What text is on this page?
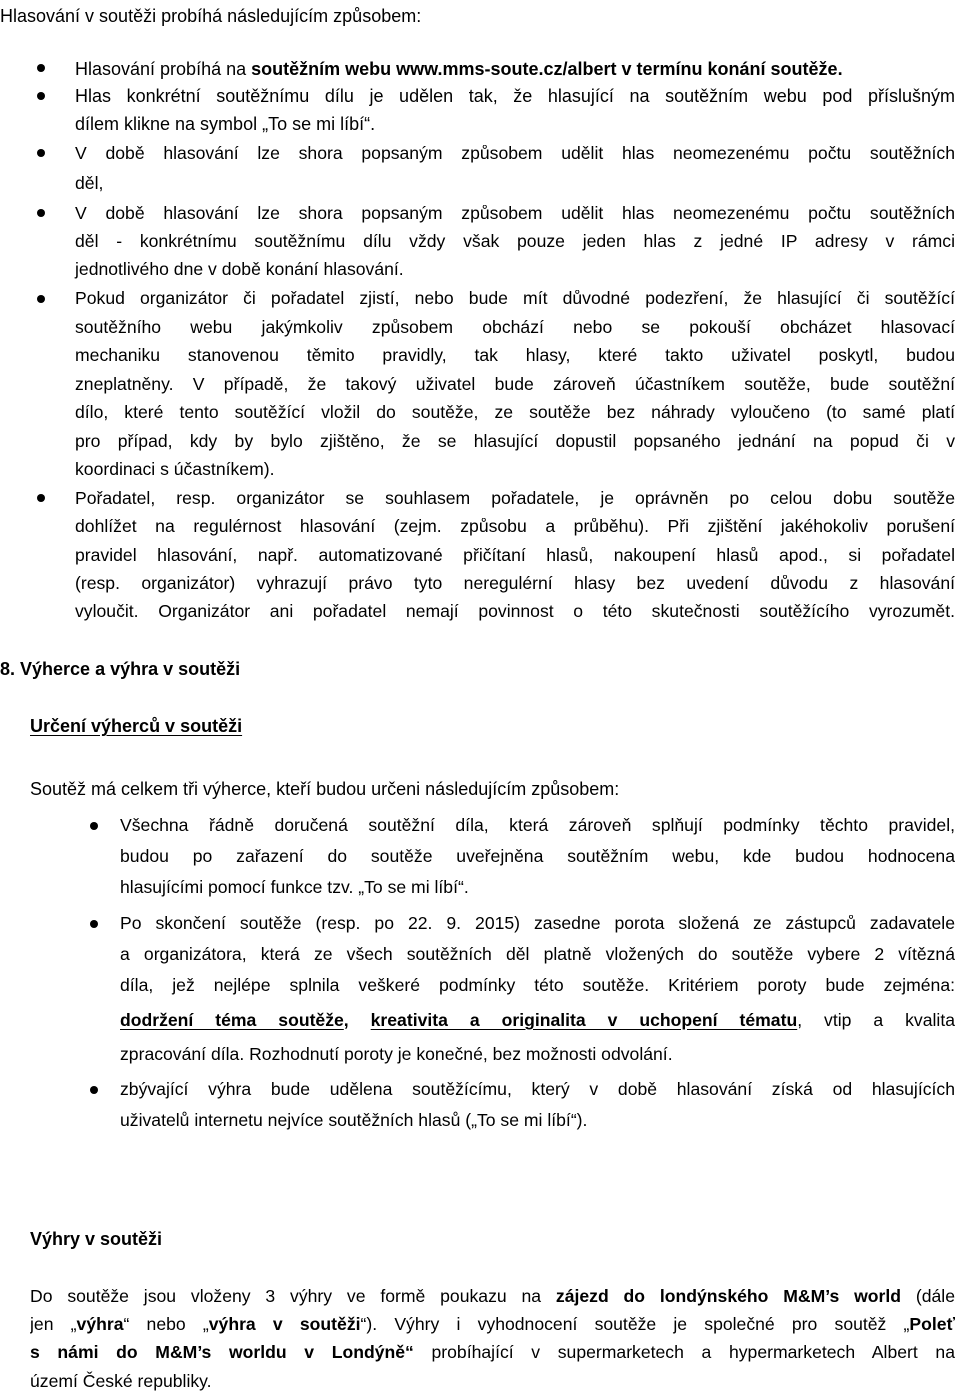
Hlasování v soutěži probíhá následujícím způsobem:
Hlasování probíhá na soutěžním webu www.mms-soute.cz/albert v termínu konání soutěže.
Hlas konkrétní soutěžnímu dílu je udělen tak, že hlasující na soutěžním webu pod příslušným
dílem klikne na symbol „To se mi líbí“.
V době hlasování lze shora popsaným způsobem udělit hlas neomezenému počtu soutěžních
děl,
V době hlasování lze shora popsaným způsobem udělit hlas neomezenému počtu soutěžních
děl - konkrétnímu soutěžnímu dílu vždy však pouze jeden hlas z jedné IP adresy v rámci
jednotlivého dne v době konání hlasování.
Pokud organizátor či pořadatel zjistí, nebo bude mít důvodné podezření, že hlasující či soutěžící
soutěžního webu jakýmkoliv způsobem obchází nebo se pokouší obcházet hlasovací
mechaniku stanovenou těmito pravidly, tak hlasy, které takto uživatel poskytl, budou
zneplatněny. V případě, že takový uživatel bude zároveň účastníkem soutěže, bude soutěžní
dílo, které tento soutěžící vložil do soutěže, ze soutěže bez náhrady vyloučeno (to samé platí
pro případ, kdy by bylo zjištěno, že se hlasující dopustil popsaného jednání na popud či v
koordinaci s účastníkem).
Pořadatel, resp. organizátor se souhlasem pořadatele, je oprávněn po celou dobu soutěže
dohlížet na regulérnost hlasování (zejm. způsobu a průběhu). Při zjištění jakéhokoliv porušení
pravidel hlasování, např. automatizované přičítaní hlasů, nakoupení hlasů apod., si pořadatel
(resp. organizátor) vyhrazují právo tyto neregulérní hlasy bez uvedení důvodu z hlasování
vyloučit. Organizátor ani pořadatel nemají povinnost o této skutečnosti soutěžícího vyrozumět.
8. Výherce a výhra v soutěži
Určení výherců v soutěži
Soutěž má celkem tři výherce, kteří budou určeni následujícím způsobem:
Všechna řádně doručená soutěžní díla, která zároveň splňují podmínky těchto pravidel,
budou po zařazení do soutěže uveřejněna soutěžním webu, kde budou hodnocena
hlasujícími pomocí funkce tzv. „To se mi líbí“.
Po skončení soutěže (resp. po 22. 9. 2015) zasedne porota složená ze zástupců zadavatele
a organizátora, která ze všech soutěžních děl platně vložených do soutěže vybere 2 vítězná
díla, jež nejlépe splnila veškeré podmínky této soutěže. Kritériem poroty bude zejména:
dodržení téma soutěže, kreativita a originalita v uchopení tématu, vtip a kvalita
zpracování díla. Rozhodnutí poroty je konečné, bez možnosti odvolání.
zbývající výhra bude udělena soutěžícímu, který v době hlasování získá od hlasujících
uživatelů internetu nejvíce soutěžních hlasů („To se mi líbí“).
Výhry v soutěži
Do soutěže jsou vloženy 3 výhry ve formě poukazu na zájezd do londýnského M&M’s world (dále
jen „výhra“ nebo „výhra v soutěži“). Výhry i vyhodnocení soutěže je společné pro soutěž „Poleť
s námi do M&M’s worldu v Londýně“ probíhající v supermarketech a hypermarketech Albert na
území České republiky.
